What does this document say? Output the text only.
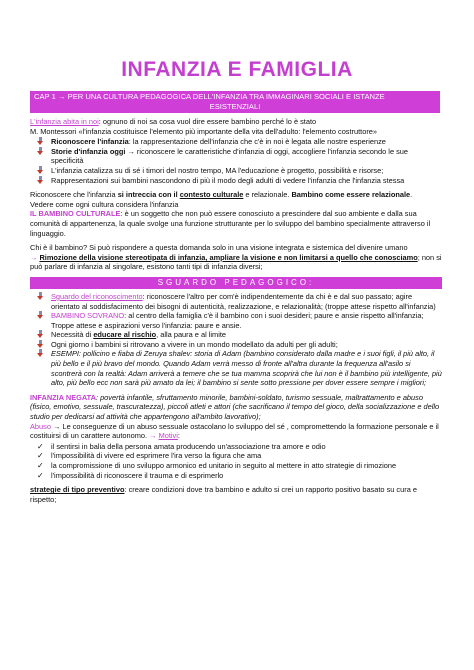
INFANZIA E FAMIGLIA
CAP 1 → PER UNA CULTURA PEDAGOGICA DELL'INFANZIA TRA IMMAGINARI SOCIALI E ISTANZE
ESISTENZIALI

L'infanzia abita in noi: ognuno di noi sa cosa vuol dire essere bambino perché lo è stato

M. Montessori «l'infanzia costituisce l'elemento più importante della vita dell'adulto: l'elemento costruttore»

Riconoscere l'infanzia: la rappresentazione dell'infanzia che c'è in noi è legata alle nostre esperienze
Storie d'infanzia oggi → riconoscere le caratteristiche d'infanzia di oggi, accogliere l'infanzia secondo le sue specificità
L'infanzia catalizza su di sé i timori del nostro tempo, MA l'educazione è progetto, possibilità e risorse;
Rappresentazioni sui bambini nascondono di più il modo degli adulti di vedere l'infanzia che l'infanzia stessa

Riconoscere che l'infanzia si intreccia con il contesto culturale e relazionale. Bambino come essere relazionale.

Vedere come ogni cultura considera l'infanzia

IL BAMBINO CULTURALE: è un soggetto che non può essere conosciuto a prescindere dal suo ambiente e dalla sua comunità di appartenenza, la quale svolge una funzione strutturante per lo sviluppo del bambino specialmente attraverso il linguaggio.

Chi è il bambino? Si può rispondere a questa domanda solo in una visione integrata e sistemica del divenire umano
→ Rimozione della visione stereotipata di infanzia, ampliare la visione e non limitarsi a quello che conosciamo; non si può parlare di infanzia al singolare, esistono tanti tipi di infanzia diversi;

SGUARDO PEDAGOGICO:
Sguardo del riconoscimento: riconoscere l'altro per com'è indipendentemente da chi è e dal suo passato; agire orientato al soddisfacimento dei bisogni di autenticità, realizzazione, e relazionalità; (troppe attese rispetto all'infanzia)
BAMBINO SOVRANO: al centro della famiglia c'è il bambino con i suoi desideri; paure e ansie rispetto all'infanzia; Troppe attese e aspirazioni verso l'infanzia: paure e ansie.
Necessità di educare al rischio, alla paura e al limite
Ogni giorno i bambini si ritrovano a vivere in un mondo modellato da adulti per gli adulti;
ESEMPI: pollicino e fiaba di Zeruya shalev: storia di Adam (bambino considerato dalla madre e i suoi figli, il più alto, il più bello e il più bravo del mondo. Quando Adam verrà messo di fronte all'altra durante la frequenza all'asilo si scontrerà con la realtà: Adam arriverà a temere che se tua mamma scoprirà che lui non è il bambino più intelligente, più alto, più bello ecc non sarà più amato da lei; il bambino si sente sotto pressione per dover essere sempre i migliori;

INFANZIA NEGATA: povertà infantile, sfruttamento minorile, bambini-soldato, turismo sessuale, maltrattamento e abuso (fisico, emotivo, sessuale, trascuratezza), piccoli atleti e attori (che sacrificano il tempo del gioco, della socializzazione e dello studio per dedicarsi ad attività che appartengono all'ambito lavorativo);

Abuso → Le conseguenze di un abuso sessuale ostacolano lo sviluppo del sé , compromettendo la formazione personale e il costituirsi di un carattere autonomo. → Motivi:

✓ il sentirsi in balia della persona amata producendo un'associazione tra amore e odio
✓ l'impossibilità di vivere ed esprimere l'ira verso la figura che ama
✓ la compromissione di uno sviluppo armonico ed unitario in seguito al mettere in atto strategie di rimozione
✓ l'impossibilità di riconoscere il trauma e di esprimerlo

strategie di tipo preventivo: creare condizioni dove tra bambino e adulto si crei un rapporto positivo basato su cura e rispetto;
